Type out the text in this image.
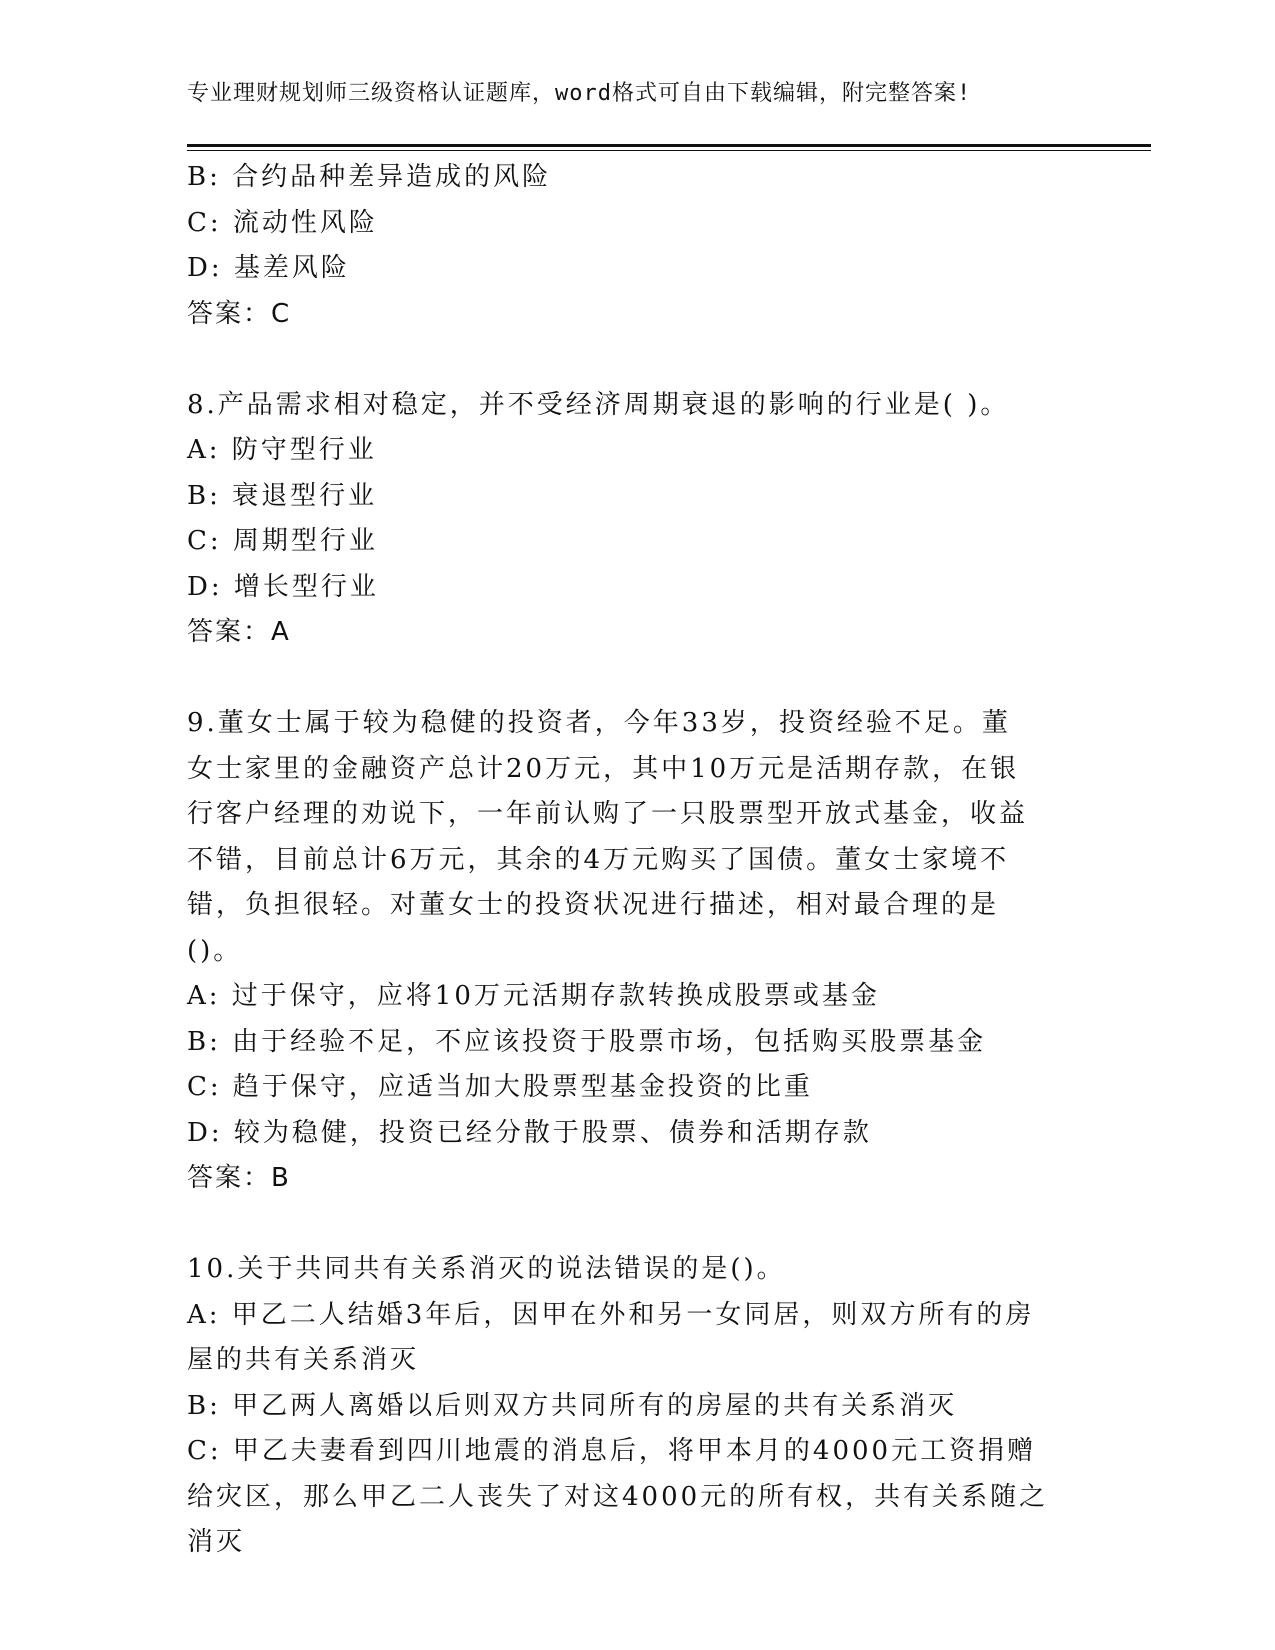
专业理财规划师三级资格认证题库，word格式可自由下载编辑，附完整答案!
B: 合约品种差异造成的风险
C: 流动性风险
D: 基差风险
答案：C
8.产品需求相对稳定，并不受经济周期衰退的影响的行业是( )。
A: 防守型行业
B: 衰退型行业
C: 周期型行业
D: 增长型行业
答案：A
9.董女士属于较为稳健的投资者，今年33岁，投资经验不足。董女士家里的金融资产总计20万元，其中10万元是活期存款，在银行客户经理的劝说下，一年前认购了一只股票型开放式基金，收益不错，目前总计6万元，其余的4万元购买了国债。董女士家境不错，负担很轻。对董女士的投资状况进行描述，相对最合理的是()。
A: 过于保守，应将10万元活期存款转换成股票或基金
B: 由于经验不足，不应该投资于股票市场，包括购买股票基金
C: 趋于保守，应适当加大股票型基金投资的比重
D: 较为稳健，投资已经分散于股票、债券和活期存款
答案：B
10.关于共同共有关系消灭的说法错误的是()。
A: 甲乙二人结婚3年后，因甲在外和另一女同居，则双方所有的房屋的共有关系消灭
B: 甲乙两人离婚以后则双方共同所有的房屋的共有关系消灭
C: 甲乙夫妻看到四川地震的消息后，将甲本月的4000元工资捐赠给灾区，那么甲乙二人丧失了对这4000元的所有权，共有关系随之消灭
